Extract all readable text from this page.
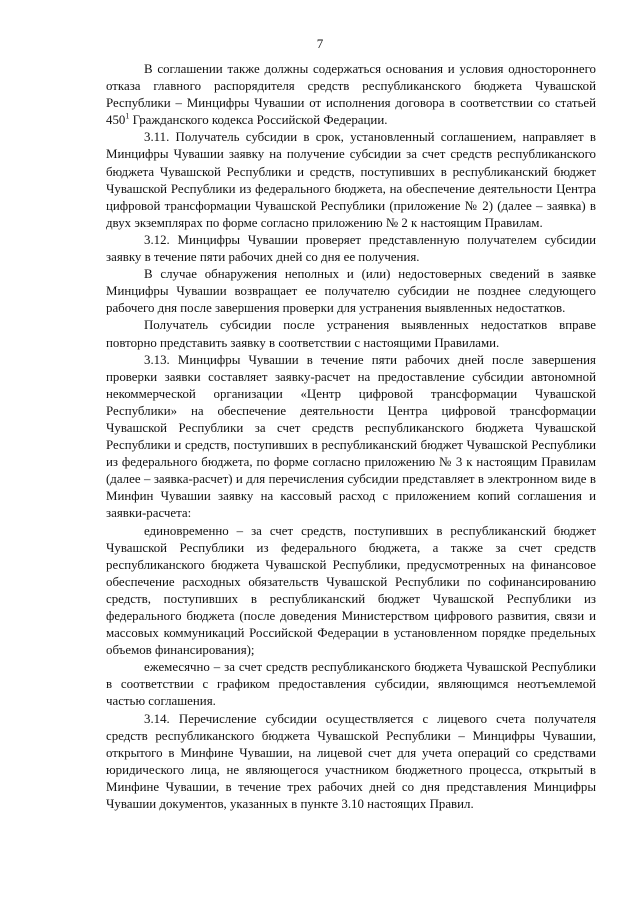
7

В соглашении также должны содержаться основания и условия одностороннего отказа главного распорядителя средств республиканского бюджета Чувашской Республики – Минцифры Чувашии от исполнения договора в соответствии со статьей $450^1$ Гражданского кодекса Российской Федерации.

3.11. Получатель субсидии в срок, установленный соглашением, направляет в Минцифры Чувашии заявку на получение субсидии за счет средств республиканского бюджета Чувашской Республики и средств, поступивших в республиканский бюджет Чувашской Республики из федерального бюджета, на обеспечение деятельности Центра цифровой трансформации Чувашской Республики (приложение № 2) (далее – заявка) в двух экземплярах по форме согласно приложению № 2 к настоящим Правилам.

3.12. Минцифры Чувашии проверяет представленную получателем субсидии заявку в течение пяти рабочих дней со дня ее получения.

В случае обнаружения неполных и (или) недостоверных сведений в заявке Минцифры Чувашии возвращает ее получателю субсидии не позднее следующего рабочего дня после завершения проверки для устранения выявленных недостатков.

Получатель субсидии после устранения выявленных недостатков вправе повторно представить заявку в соответствии с настоящими Правилами.

3.13. Минцифры Чувашии в течение пяти рабочих дней после завершения проверки заявки составляет заявку-расчет на предоставление субсидии автономной некоммерческой организации «Центр цифровой трансформации Чувашской Республики» на обеспечение деятельности Центра цифровой трансформации Чувашской Республики за счет средств республиканского бюджета Чувашской Республики и средств, поступивших в республиканский бюджет Чувашской Республики из федерального бюджета, по форме согласно приложению № 3 к настоящим Правилам (далее – заявка-расчет) и для перечисления субсидии представляет в электронном виде в Минфин Чувашии заявку на кассовый расход с приложением копий соглашения и заявки-расчета:

единовременно – за счет средств, поступивших в республиканский бюджет Чувашской Республики из федерального бюджета, а также за счет средств республиканского бюджета Чувашской Республики, предусмотренных на финансовое обеспечение расходных обязательств Чувашской Республики по софинансированию средств, поступивших в республиканский бюджет Чувашской Республики из федерального бюджета (после доведения Министерством цифрового развития, связи и массовых коммуникаций Российской Федерации в установленном порядке предельных объемов финансирования);

ежемесячно – за счет средств республиканского бюджета Чувашской Республики в соответствии с графиком предоставления субсидии, являющимся неотъемлемой частью соглашения.

3.14. Перечисление субсидии осуществляется с лицевого счета получателя средств республиканского бюджета Чувашской Республики – Минцифры Чувашии, открытого в Минфине Чувашии, на лицевой счет для учета операций со средствами юридического лица, не являющегося участником бюджетного процесса, открытый в Минфине Чувашии, в течение трех рабочих дней со дня представления Минцифры Чувашии документов, указанных в пункте 3.10 настоящих Правил.
